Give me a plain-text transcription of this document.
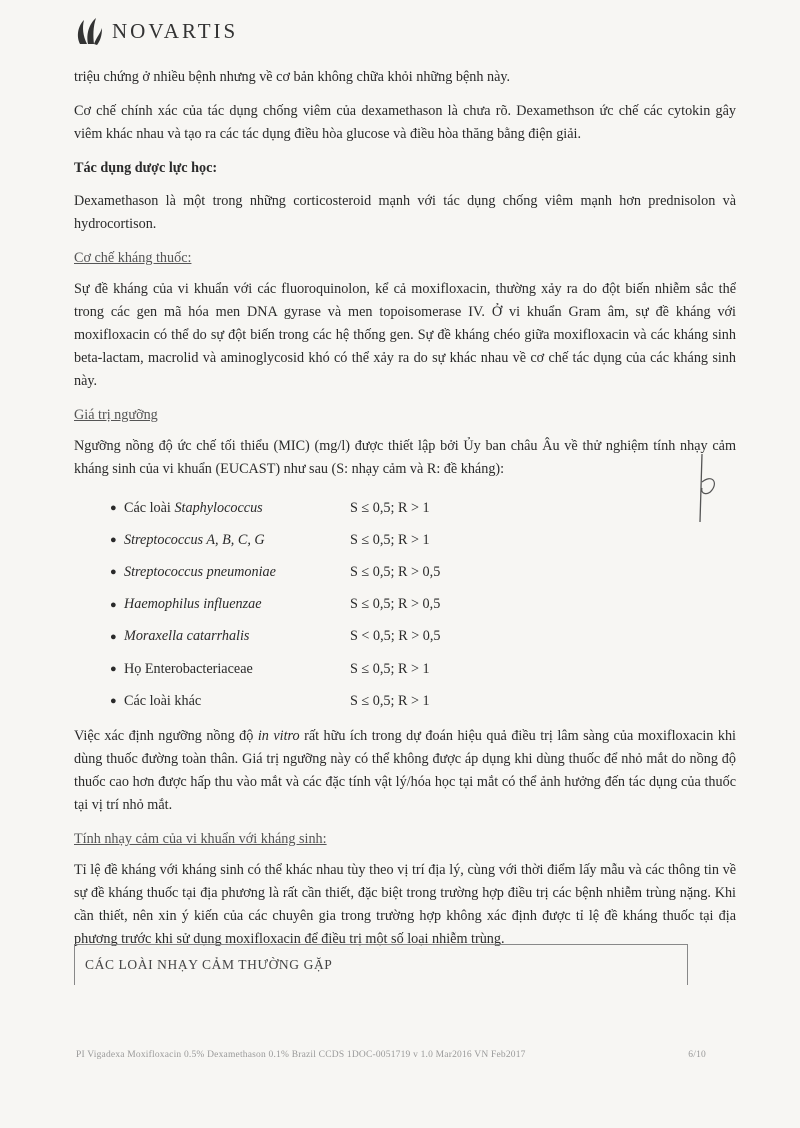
NOVARTIS

triệu chứng ở nhiều bệnh nhưng về cơ bản không chữa khỏi những bệnh này.

Cơ chế chính xác của tác dụng chống viêm của dexamethason là chưa rõ. Dexamethson ức chế các cytokin gây viêm khác nhau và tạo ra các tác dụng điều hòa glucose và điều hòa thăng bằng điện giải.

Tác dụng dược lực học:

Dexamethason là một trong những corticosteroid mạnh với tác dụng chống viêm mạnh hơn prednisolon và hydrocortison.

Cơ chế kháng thuốc:

Sự đề kháng của vi khuẩn với các fluoroquinolon, kể cả moxifloxacin, thường xảy ra do đột biến nhiễm sắc thể trong các gen mã hóa men DNA gyrase và men topoisomerase IV. Ở vi khuẩn Gram âm, sự đề kháng với moxifloxacin có thể do sự đột biến trong các hệ thống gen. Sự đề kháng chéo giữa moxifloxacin và các kháng sinh beta-lactam, macrolid và aminoglycosid khó có thể xảy ra do sự khác nhau về cơ chế tác dụng của các kháng sinh này.

Giá trị ngưỡng

Ngưỡng nồng độ ức chế tối thiểu (MIC) (mg/l) được thiết lập bởi Ủy ban châu Âu về thử nghiệm tính nhạy cảm kháng sinh của vi khuẩn (EUCAST) như sau (S: nhạy cảm và R: đề kháng):

● Các loài Staphylococcus	S ≤ 0,5; R > 1
● Streptococcus A, B, C, G	S ≤ 0,5; R > 1
● Streptococcus pneumoniae	S ≤ 0,5; R > 0,5
● Haemophilus influenzae	S ≤ 0,5; R > 0,5
● Moraxella catarrhalis	S < 0,5; R > 0,5
● Họ Enterobacteriaceae	S ≤ 0,5; R > 1
● Các loài khác	S ≤ 0,5; R > 1

Việc xác định ngưỡng nồng độ in vitro rất hữu ích trong dự đoán hiệu quả điều trị lâm sàng của moxifloxacin khi dùng thuốc đường toàn thân. Giá trị ngưỡng này có thể không được áp dụng khi dùng thuốc để nhỏ mắt do nồng độ thuốc cao hơn được hấp thu vào mắt và các đặc tính vật lý/hóa học tại mắt có thể ảnh hưởng đến tác dụng của thuốc tại vị trí nhỏ mắt.

Tính nhạy cảm của vi khuẩn với kháng sinh:

Tỉ lệ đề kháng với kháng sinh có thể khác nhau tùy theo vị trí địa lý, cùng với thời điểm lấy mẫu và các thông tin về sự đề kháng thuốc tại địa phương là rất cần thiết, đặc biệt trong trường hợp điều trị các bệnh nhiễm trùng nặng. Khi cần thiết, nên xin ý kiến của các chuyên gia trong trường hợp không xác định được tỉ lệ đề kháng thuốc tại địa phương trước khi sử dụng moxifloxacin để điều trị một số loại nhiễm trùng.

CÁC LOÀI NHẠY CẢM THƯỜNG GẶP
PI Vigadexa Moxifloxacin 0.5% Dexamethason 0.1% Brazil CCDS 1DOC-0051719 v 1.0 Mar2016 VN Feb2017	6/10
